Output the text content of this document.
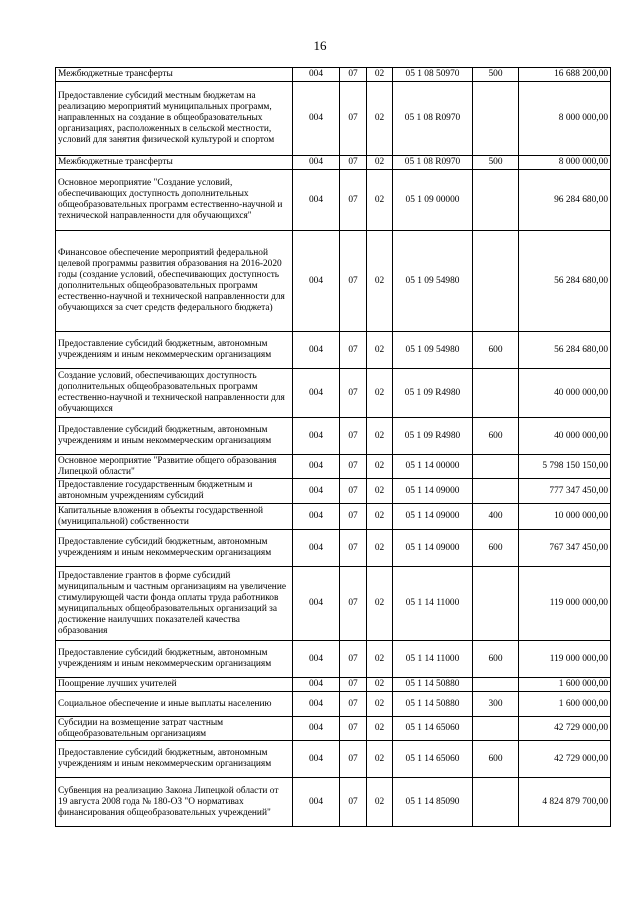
16
Межбюджетные трансферты	004	07	02	05 1 08 50970	500	16 688 200,00
Предоставление субсидий местным бюджетам на реализацию мероприятий муниципальных программ, направленных на создание в общеобразовательных организациях, расположенных в сельской местности, условий для занятия физической культурой и спортом	004	07	02	05 1 08 R0970		8 000 000,00
Межбюджетные трансферты	004	07	02	05 1 08 R0970	500	8 000 000,00
Основное мероприятие "Создание условий, обеспечивающих доступность дополнительных общеобразовательных программ естественно-научной и технической направленности для обучающихся"	004	07	02	05 1 09 00000		96 284 680,00
Финансовое обеспечение мероприятий федеральной целевой программы развития образования на 2016-2020 годы (создание условий, обеспечивающих доступность дополнительных общеобразовательных программ естественно-научной и технической направленности для обучающихся за счет средств федерального бюджета)	004	07	02	05 1 09 54980		56 284 680,00
Предоставление субсидий бюджетным, автономным учреждениям и иным некоммерческим организациям	004	07	02	05 1 09 54980	600	56 284 680,00
Создание условий, обеспечивающих доступность дополнительных общеобразовательных программ естественно-научной и технической направленности для обучающихся	004	07	02	05 1 09 R4980		40 000 000,00
Предоставление субсидий бюджетным, автономным учреждениям и иным некоммерческим организациям	004	07	02	05 1 09 R4980	600	40 000 000,00
Основное мероприятие "Развитие общего образования Липецкой области"	004	07	02	05 1 14 00000		5 798 150 150,00
Предоставление государственным бюджетным и автономным учреждениям субсидий	004	07	02	05 1 14 09000		777 347 450,00
Капитальные вложения в объекты государственной (муниципальной) собственности	004	07	02	05 1 14 09000	400	10 000 000,00
Предоставление субсидий бюджетным, автономным учреждениям и иным некоммерческим организациям	004	07	02	05 1 14 09000	600	767 347 450,00
Предоставление грантов в форме субсидий муниципальным и частным организациям на увеличение стимулирующей части фонда оплаты труда работников муниципальных общеобразовательных организаций за достижение наилучших показателей качества образования	004	07	02	05 1 14 11000		119 000 000,00
Предоставление субсидий бюджетным, автономным учреждениям и иным некоммерческим организациям	004	07	02	05 1 14 11000	600	119 000 000,00
Поощрение лучших учителей	004	07	02	05 1 14 50880		1 600 000,00
Социальное обеспечение и иные выплаты населению	004	07	02	05 1 14 50880	300	1 600 000,00
Субсидии на возмещение затрат частным общеобразовательным организациям	004	07	02	05 1 14 65060		42 729 000,00
Предоставление субсидий бюджетным, автономным учреждениям и иным некоммерческим организациям	004	07	02	05 1 14 65060	600	42 729 000,00
Субвенция на реализацию Закона Липецкой области от 19 августа 2008 года № 180-ОЗ "О нормативах финансирования общеобразовательных учреждений"	004	07	02	05 1 14 85090		4 824 879 700,00
